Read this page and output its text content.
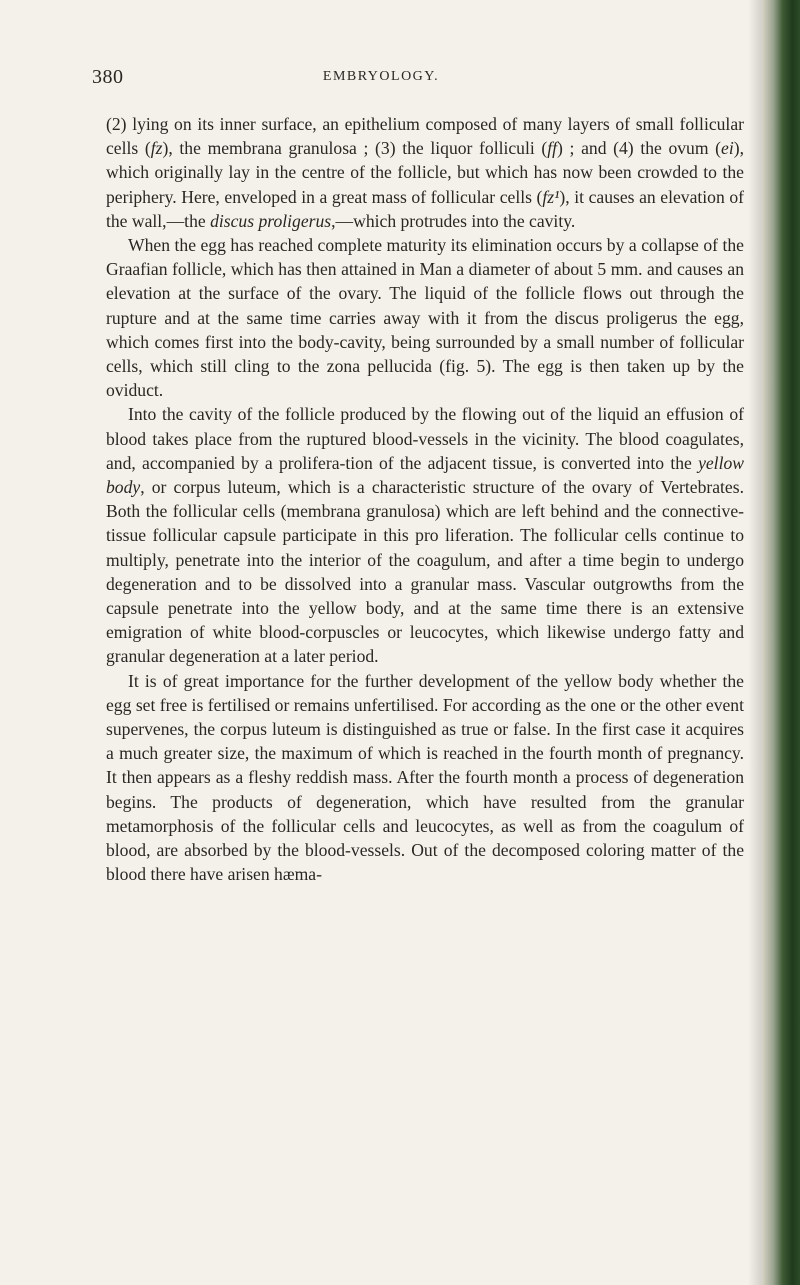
380	EMBRYOLOGY.

(2) lying on its inner surface, an epithelium composed of many layers of small follicular cells (fz), the membrana granulosa ; (3) the liquor folliculi (ff) ; and (4) the ovum (ei), which originally lay in the centre of the follicle, but which has now been crowded to the periphery. Here, enveloped in a great mass of follicular cells (fz¹), it causes an elevation of the wall,—the discus proligerus,—which protrudes into the cavity.

When the egg has reached complete maturity its elimination occurs by a collapse of the Graafian follicle, which has then attained in Man a diameter of about 5 mm. and causes an elevation at the surface of the ovary. The liquid of the follicle flows out through the rupture and at the same time carries away with it from the discus proligerus the egg, which comes first into the body-cavity, being surrounded by a small number of follicular cells, which still cling to the zona pellucida (fig. 5). The egg is then taken up by the oviduct.

Into the cavity of the follicle produced by the flowing out of the liquid an effusion of blood takes place from the ruptured blood-vessels in the vicinity. The blood coagulates, and, accompanied by a prolifera-tion of the adjacent tissue, is converted into the yellow body, or corpus luteum, which is a characteristic structure of the ovary of Vertebrates. Both the follicular cells (membrana granulosa) which are left behind and the connective-tissue follicular capsule participate in this pro liferation. The follicular cells continue to multiply, penetrate into the interior of the coagulum, and after a time begin to undergo degeneration and to be dissolved into a granular mass. Vascular outgrowths from the capsule penetrate into the yellow body, and at the same time there is an extensive emigration of white blood-corpuscles or leucocytes, which likewise undergo fatty and granular degeneration at a later period.

It is of great importance for the further development of the yellow body whether the egg set free is fertilised or remains unfertilised. For according as the one or the other event supervenes, the corpus luteum is distinguished as true or false. In the first case it acquires a much greater size, the maximum of which is reached in the fourth month of pregnancy. It then appears as a fleshy reddish mass. After the fourth month a process of degeneration begins. The products of degeneration, which have resulted from the granular metamorphosis of the follicular cells and leucocytes, as well as from the coagulum of blood, are absorbed by the blood-vessels. Out of the decomposed coloring matter of the blood there have arisen hæma-
